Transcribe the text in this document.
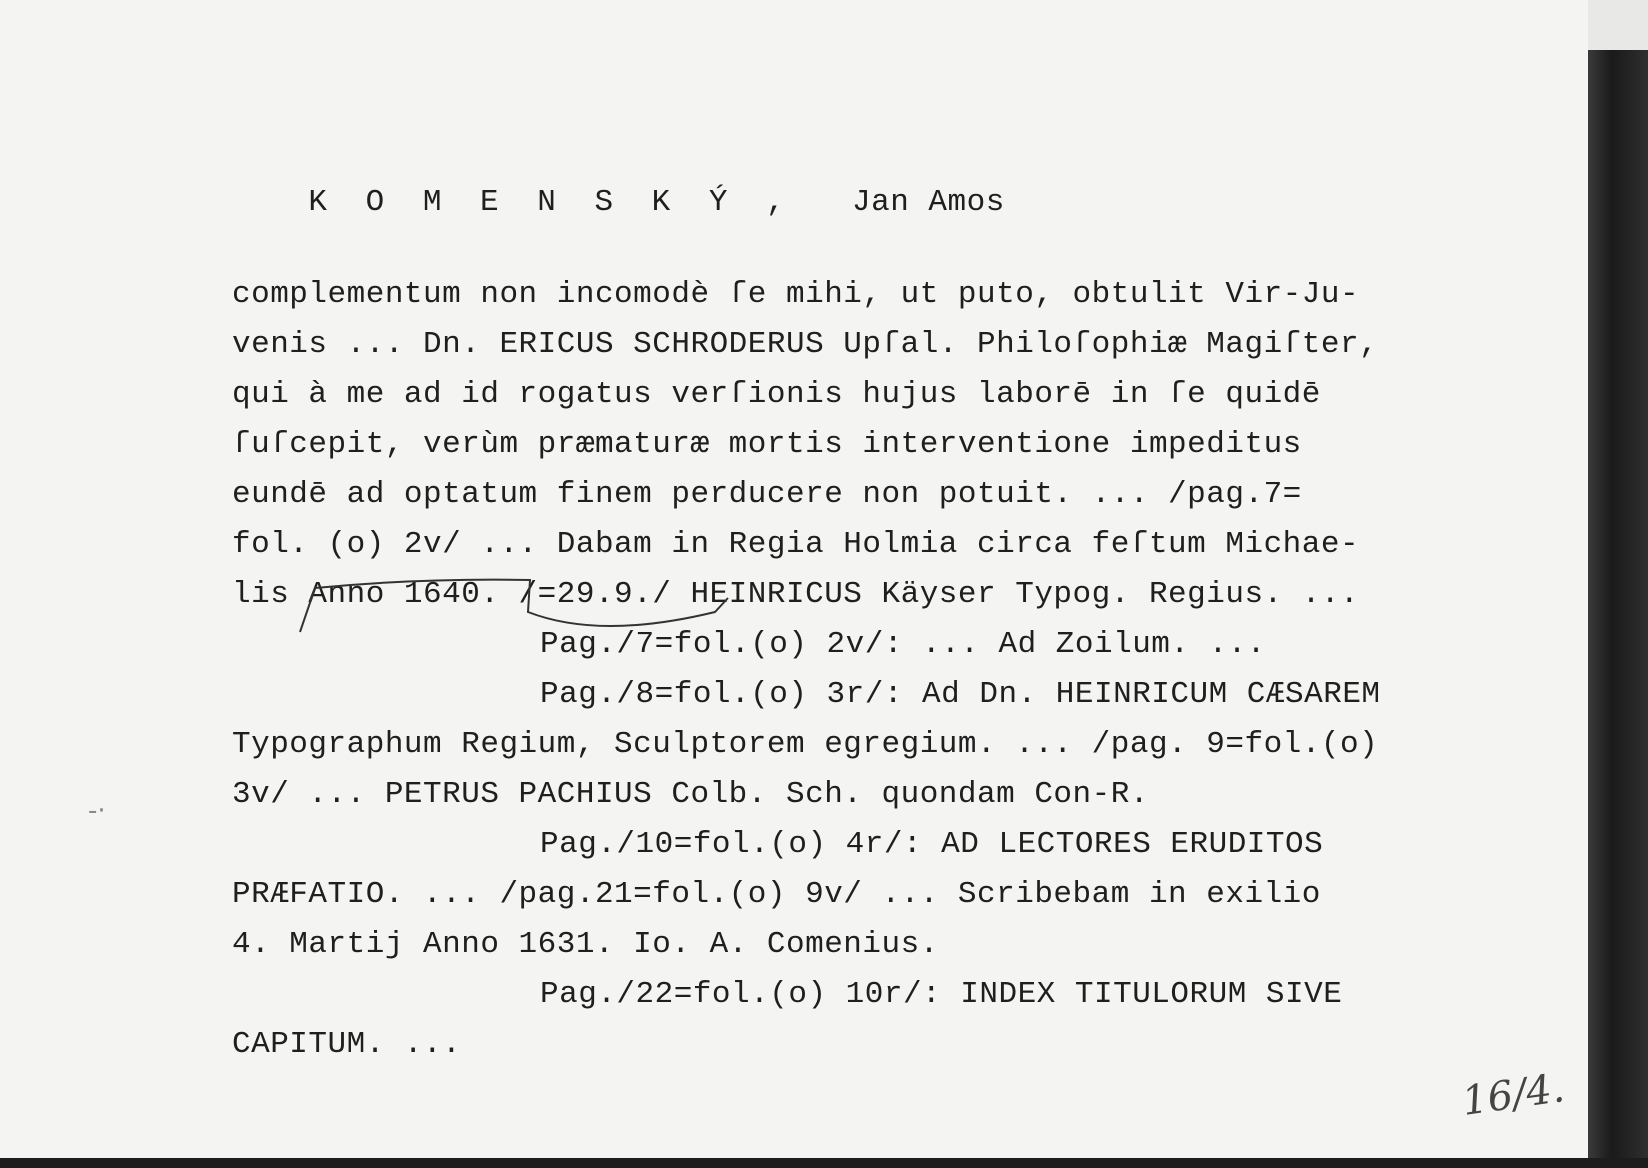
K O M E N S K Ý , Jan Amos

complementum non incomodè ſe mihi, ut puto, obtulit Vir-Ju-
venis ... Dn. ERICUS SCHRODERUS Upſal. Philoſophiæ Magiſter,
qui à me ad id rogatus verſionis hujus laborē in ſe quidē
ſuſcepit, verùm præmaturæ mortis interventione impeditus
eundē ad optatum finem perducere non potuit. ... /pag.7=
fol. (o) 2v/ ... Dabam in Regia Holmia circa feſtum Michae-
lis Anno 1640. /=29.9./ HEINRICUS Käyser Typog. Regius. ...
Pag./7=fol.(o) 2v/: ... Ad Zoilum. ...
Pag./8=fol.(o) 3r/: Ad Dn. HEINRICUM CÆSAREM
Typographum Regium, Sculptorem egregium. ... /pag. 9=fol.(o)
3v/ ... PETRUS PACHIUS Colb. Sch. quondam Con-R.
Pag./10=fol.(o) 4r/: AD LECTORES ERUDITOS
PRÆFATIO. ... /pag.21=fol.(o) 9v/ ... Scribebam in exilio
4. Martij Anno 1631. Io. A. Comenius.
Pag./22=fol.(o) 10r/: INDEX TITULORUM SIVE
CAPITUM. ...
-·
16/4.
